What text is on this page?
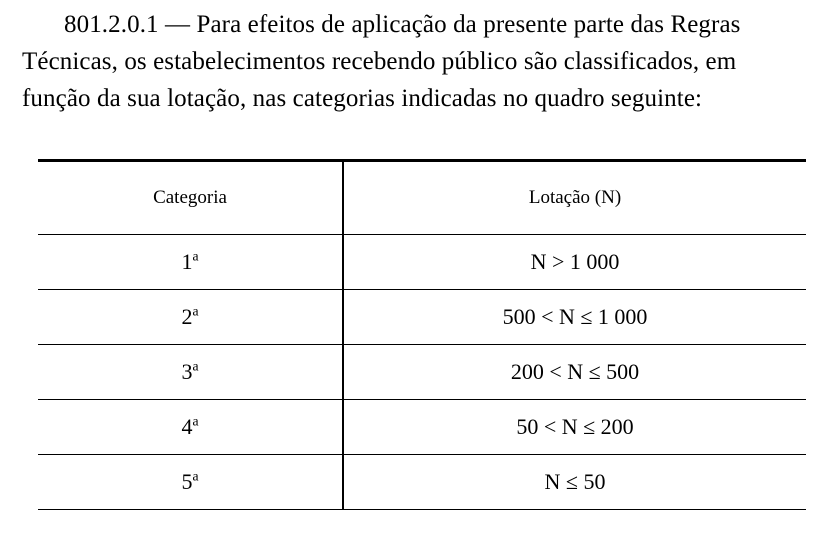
801.2.0.1 — Para efeitos de aplicação da presente parte das Regras Técnicas, os estabelecimentos recebendo público são classificados, em função da sua lotação, nas categorias indicadas no quadro seguinte:

Categoria	Lotação (N)
1$^a$	N > 1 000
2$^a$	500 < N ≤ 1 000
3$^a$	200 < N ≤ 500
4$^a$	50 < N ≤ 200
5$^a$	N ≤ 50
